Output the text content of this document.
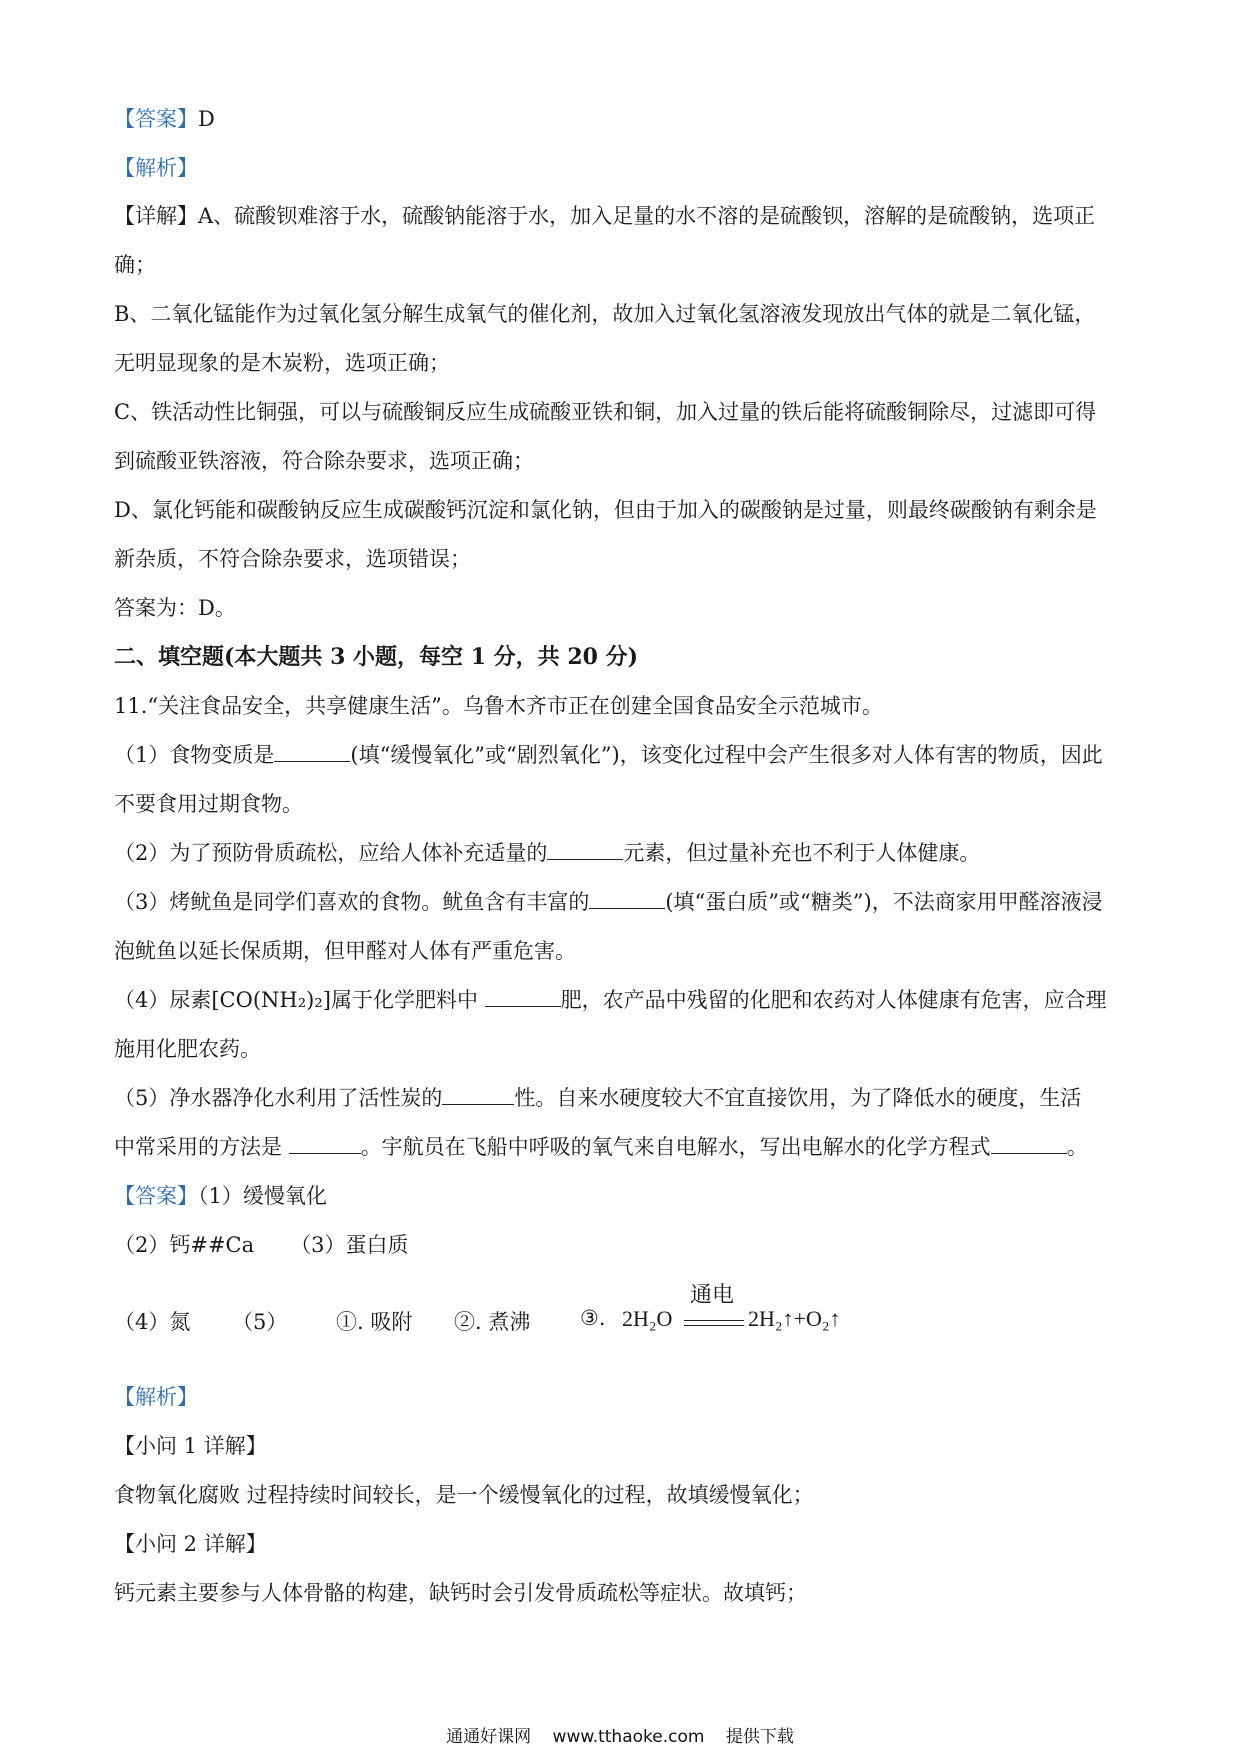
【答案】D
【解析】
【详解】A、硫酸钡难溶于水，硫酸钠能溶于水，加入足量的水不溶的是硫酸钡，溶解的是硫酸钠，选项正
确；
B、二氧化锰能作为过氧化氢分解生成氧气的催化剂，故加入过氧化氢溶液发现放出气体的就是二氧化锰，
无明显现象的是木炭粉，选项正确；
C、铁活动性比铜强，可以与硫酸铜反应生成硫酸亚铁和铜，加入过量的铁后能将硫酸铜除尽，过滤即可得
到硫酸亚铁溶液，符合除杂要求，选项正确；
D、氯化钙能和碳酸钠反应生成碳酸钙沉淀和氯化钠，但由于加入的碳酸钠是过量，则最终碳酸钠有剩余是
新杂质，不符合除杂要求，选项错误；
答案为：D。
二、填空题(本大题共 3 小题，每空 1 分，共 20 分)
11.“关注食品安全，共享健康生活”。乌鲁木齐市正在创建全国食品安全示范城市。
（1）食物变质是	(填“缓慢氧化”或“剧烈氧化”)，该变化过程中会产生很多对人体有害的物质，因此
不要食用过期食物。
（2）为了预防骨质疏松，应给人体补充适量的	元素，但过量补充也不利于人体健康。
（3）烤鱿鱼是同学们喜欢的食物。鱿鱼含有丰富的	(填“蛋白质”或“糖类”)，不法商家用甲醛溶液浸
泡鱿鱼以延长保质期，但甲醛对人体有严重危害。
（4）尿素[CO(NH₂)₂]属于化学肥料中	肥，农产品中残留的化肥和农药对人体健康有危害，应合理
施用化肥农药。
（5）净水器净化水利用了活性炭的	性。自来水硬度较大不宜直接饮用，为了降低水的硬度，生活
中常采用的方法是	。宇航员在飞船中呼吸的氧气来自电解水，写出电解水的化学方程式	。
【答案】（1）缓慢氧化
（2）钙##Ca （3）蛋白质
（4）氮 （5） ①. 吸附 ②. 煮沸 ③. 2H₂O
通电
2H₂↑+O₂↑
【解析】
【小问 1 详解】
食物氧化腐败 过程持续时间较长，是一个缓慢氧化的过程，故填缓慢氧化；
【小问 2 详解】
钙元素主要参与人体骨骼的构建，缺钙时会引发骨质疏松等症状。故填钙；
通通好课网 www.tthaoke.com 提供下载
